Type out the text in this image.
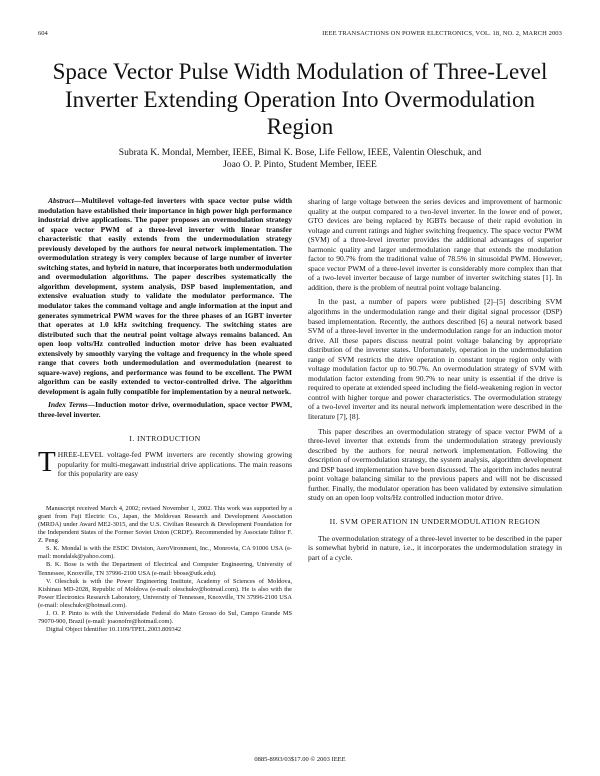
604	IEEE TRANSACTIONS ON POWER ELECTRONICS, VOL. 18, NO. 2, MARCH 2003
Space Vector Pulse Width Modulation of Three-Level Inverter Extending Operation Into Overmodulation Region
Subrata K. Mondal, Member, IEEE, Bimal K. Bose, Life Fellow, IEEE, Valentin Oleschuk, and
Joao O. P. Pinto, Student Member, IEEE

Abstract—Multilevel voltage-fed inverters with space vector pulse width modulation have established their importance in high power high performance industrial drive applications. The paper proposes an overmodulation strategy of space vector PWM of a three-level inverter with linear transfer characteristic that easily extends from the undermodulation strategy previously developed by the authors for neural network implementation. The overmodulation strategy is very complex because of large number of inverter switching states, and hybrid in nature, that incorporates both undermodulation and overmodulation algorithms. The paper describes systematically the algorithm development, system analysis, DSP based implementation, and extensive evaluation study to validate the modulator performance. The modulator takes the command voltage and angle information at the input and generates symmetrical PWM waves for the three phases of an IGBT inverter that operates at 1.0 kHz switching frequency. The switching states are distributed such that the neutral point voltage always remains balanced. An open loop volts/Hz controlled induction motor drive has been evaluated extensively by smoothly varying the voltage and frequency in the whole speed range that covers both undermodulation and overmodulation (nearest to square-wave) regions, and performance was found to be excellent. The PWM algorithm can be easily extended to vector-controlled drive. The algorithm development is again fully compatible for implementation by a neural network.

Index Terms—Induction motor drive, overmodulation, space vector PWM, three-level inverter.

I. INTRODUCTION

THREE-LEVEL voltage-fed PWM inverters are recently showing growing popularity for multi-megawatt industrial drive applications. The main reasons for this popularity are easy

Manuscript received March 4, 2002; revised November 1, 2002. This work was supported by a grant from Fuji Electric Co., Japan, the Moldovan Research and Development Association (MRDA) under Award ME2-3015, and the U.S. Civilian Research & Development Foundation for the Independent States of the Former Soviet Union (CRDF). Recommended by Associate Editor F. Z. Peng.

S. K. Mondal is with the ESDC Division, AeroVironment, Inc., Monrovia, CA 91006 USA (e-mail: mondalsk@yahoo.com).

B. K. Bose is with the Department of Electrical and Computer Engineering, University of Tennessee, Knoxville, TN 37996-2100 USA (e-mail: bbose@utk.edu).

V. Oleschuk is with the Power Engineering Institute, Academy of Sciences of Moldova, Kishinau MD-2028, Republic of Moldova (e-mail: oleschukv@hotmail.com). He is also with the Power Electronics Research Laboratory, University of Tennessee, Knoxville, TN 37996-2100 USA (e-mail: oleschukv@hotmail.com).

J. O. P. Pinto is with the Universidade Federal do Mato Grosso do Sul, Campo Grande MS 79070-900, Brazil (e-mail: joaonofre@hotmail.com).

Digital Object Identifier 10.1109/TPEL.2003.809342

sharing of large voltage between the series devices and improvement of harmonic quality at the output compared to a two-level inverter. In the lower end of power, GTO devices are being replaced by IGBTs because of their rapid evolution in voltage and current ratings and higher switching frequency. The space vector PWM (SVM) of a three-level inverter provides the additional advantages of superior harmonic quality and larger undermodulation range that extends the modulation factor to 90.7% from the traditional value of 78.5% in sinusoidal PWM. However, space vector PWM of a three-level inverter is considerably more complex than that of a two-level inverter because of large number of inverter switching states [1]. In addition, there is the problem of neutral point voltage balancing.

In the past, a number of papers were published [2]–[5] describing SVM algorithms in the undermodulation range and their digital signal processor (DSP) based implementation. Recently, the authors described [6] a neural network based SVM of a three-level inverter in the undermodulation range for an induction motor drive. All these papers discuss neutral point voltage balancing by appropriate distribution of the inverter states. Unfortunately, operation in the undermodulation range of SVM restricts the drive operation in constant torque region only with voltage modulation factor up to 90.7%. An overmodulation strategy of SVM with modulation factor extending from 90.7% to near unity is essential if the drive is required to operate at extended speed including the field-weakening region in vector control with higher torque and power characteristics. The overmodulation strategy of a two-level inverter and its neural network implementation were described in the literature [7], [8].

This paper describes an overmodulation strategy of space vector PWM of a three-level inverter that extends from the undermodulation strategy previously described by the authors for neural network implementation. Following the description of overmodulation strategy, the system analysis, algorithm development and DSP based implementation have been discussed. The algorithm includes neutral point voltage balancing similar to the previous papers and will not be discussed further. Finally, the modulator operation has been validated by extensive simulation study on an open loop volts/Hz controlled induction motor drive.

II. SVM OPERATION IN UNDERMODULATION REGION

The overmodulation strategy of a three-level inverter to be described in the paper is somewhat hybrid in nature, i.e., it incorporates the undermodulation strategy in part of a cycle.

0885-8993/03$17.00 © 2003 IEEE
